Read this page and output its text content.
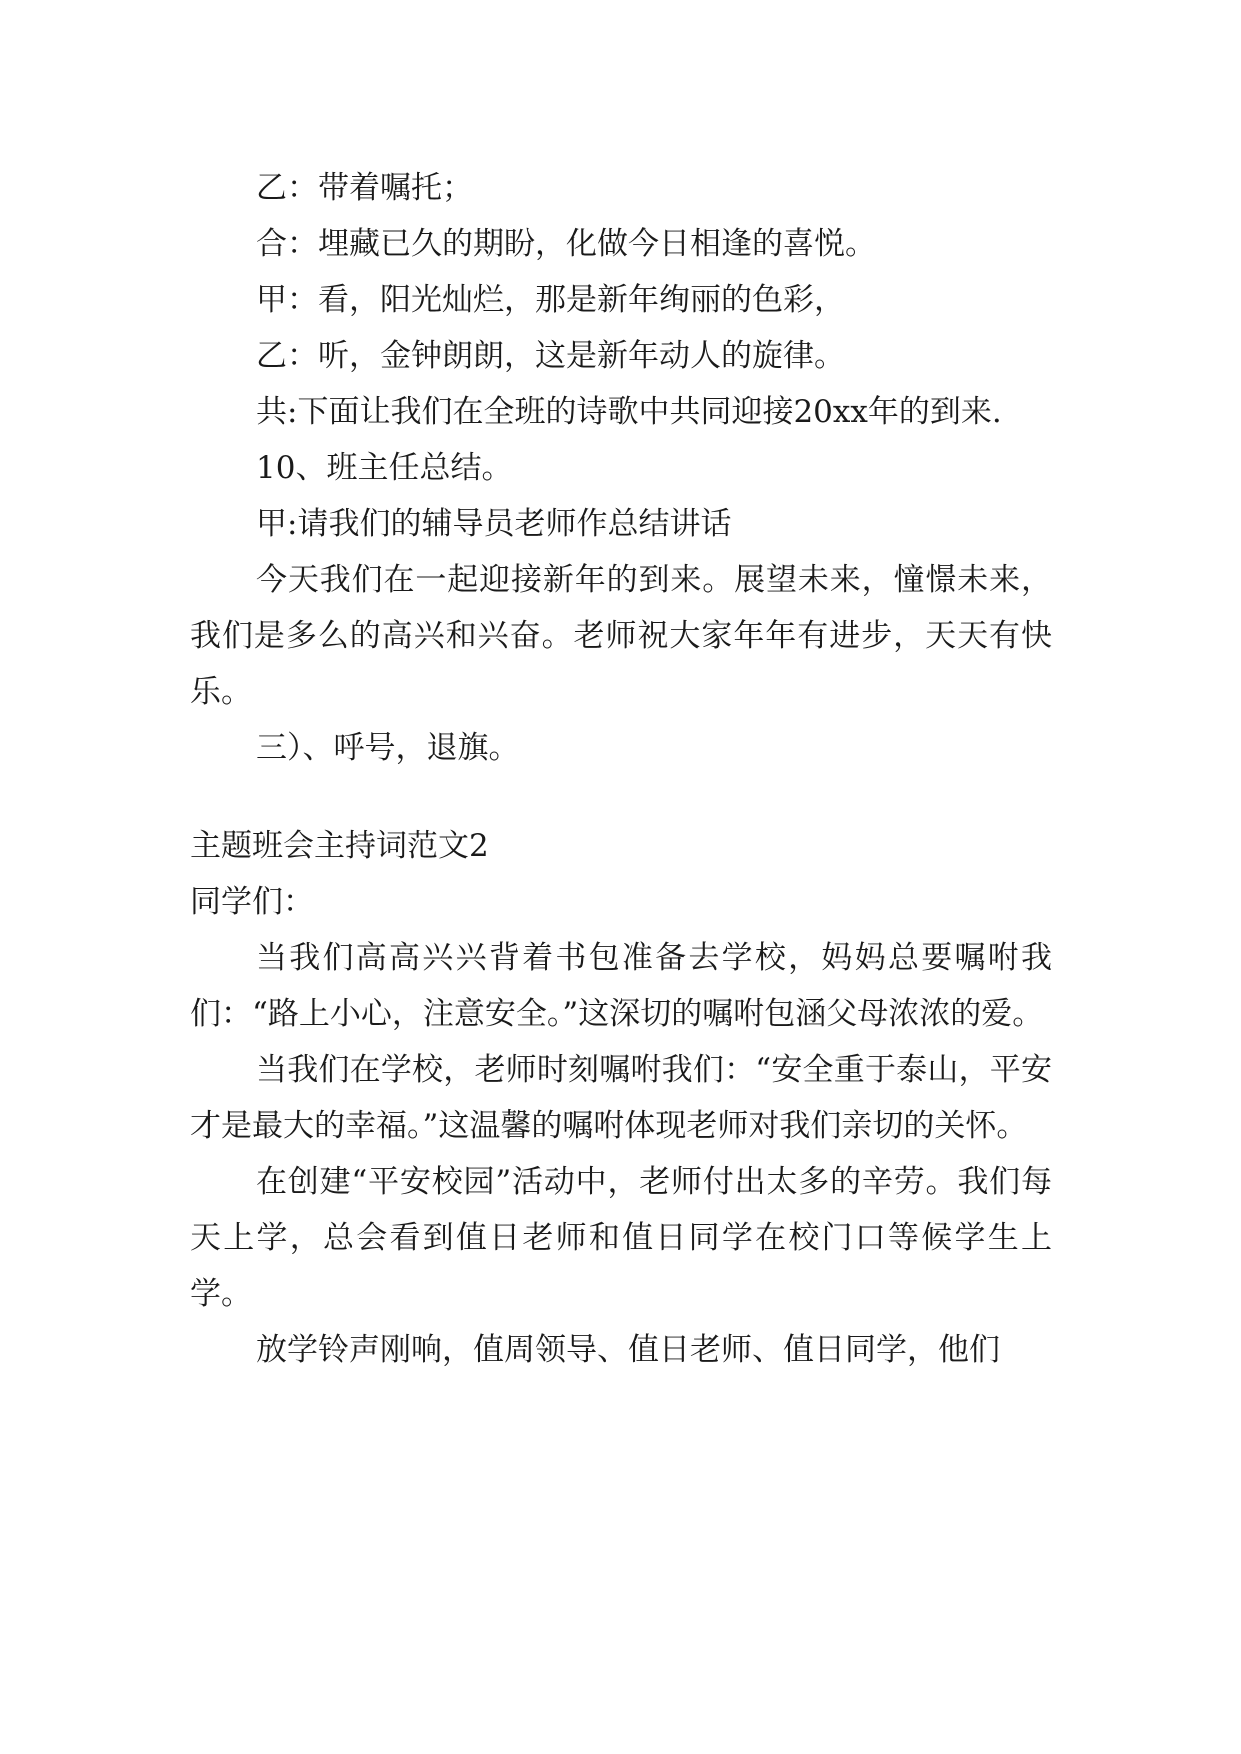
乙：带着嘱托；

合：埋藏已久的期盼，化做今日相逢的喜悦。

甲：看，阳光灿烂，那是新年绚丽的色彩，

乙：听，金钟朗朗，这是新年动人的旋律。

共:下面让我们在全班的诗歌中共同迎接20xx年的到来.

10、班主任总结。

甲:请我们的辅导员老师作总结讲话

今天我们在一起迎接新年的到来。展望未来，憧憬未来，我们是多么的高兴和兴奋。老师祝大家年年有进步，天天有快乐。

三）、呼号，退旗。

主题班会主持词范文2

同学们：

当我们高高兴兴背着书包准备去学校，妈妈总要嘱咐我们：“路上小心，注意安全。”这深切的嘱咐包涵父母浓浓的爱。

当我们在学校，老师时刻嘱咐我们：“安全重于泰山，平安才是最大的幸福。”这温馨的嘱咐体现老师对我们亲切的关怀。

在创建“平安校园”活动中，老师付出太多的辛劳。我们每天上学，总会看到值日老师和值日同学在校门口等候学生上学。

放学铃声刚响，值周领导、值日老师、值日同学，他们
